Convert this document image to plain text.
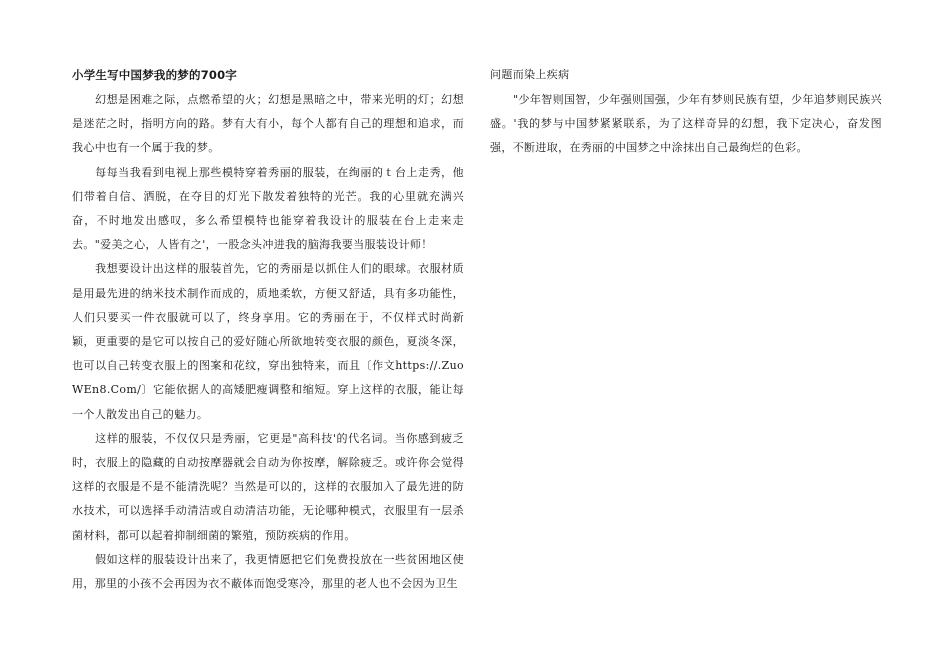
小学生写中国梦我的梦的700字

幻想是困难之际，点燃希望的火；幻想是黑暗之中，带来光明的灯；幻想是迷茫之时，指明方向的路。梦有大有小，每个人都有自己的理想和追求，而我心中也有一个属于我的梦。

每每当我看到电视上那些模特穿着秀丽的服装，在绚丽的ｔ台上走秀，他们带着自信、洒脱，在夺目的灯光下散发着独特的光芒。我的心里就充满兴奋，不时地发出感叹，多么希望模特也能穿着我设计的服装在台上走来走去。"爱美之心，人皆有之'，一股念头冲进我的脑海我要当服装设计师！

我想要设计出这样的服装首先，它的秀丽是以抓住人们的眼球。衣服材质是用最先进的纳米技术制作而成的，质地柔软，方便又舒适，具有多功能性，人们只要买一件衣服就可以了，终身享用。它的秀丽在于，不仅样式时尚新颖，更重要的是它可以按自己的爱好随心所欲地转变衣服的颜色，夏淡冬深，也可以自己转变衣服上的图案和花纹，穿出独特来，而且〔作文https://.ZuoWEn8.Com/〕它能依据人的高矮肥瘦调整和缩短。穿上这样的衣服，能让每一个人散发出自己的魅力。

这样的服装，不仅仅只是秀丽，它更是"高科技'的代名词。当你感到疲乏时，衣服上的隐藏的自动按摩器就会自动为你按摩，解除疲乏。或许你会觉得这样的衣服是不是不能清洗呢？当然是可以的，这样的衣服加入了最先进的防水技术，可以选择手动清洁或自动清洁功能，无论哪种模式，衣服里有一层杀菌材料，都可以起着抑制细菌的繁殖，预防疾病的作用。

假如这样的服装设计出来了，我更情愿把它们免费投放在一些贫困地区使用，那里的小孩不会再因为衣不蔽体而饱受寒冷，那里的老人也不会因为卫生

问题而染上疾病

"少年智则国智，少年强则国强，少年有梦则民族有望，少年追梦则民族兴盛。'我的梦与中国梦紧紧联系，为了这样奇异的幻想，我下定决心，奋发图强，不断进取，在秀丽的中国梦之中涂抹出自己最绚烂的色彩。
